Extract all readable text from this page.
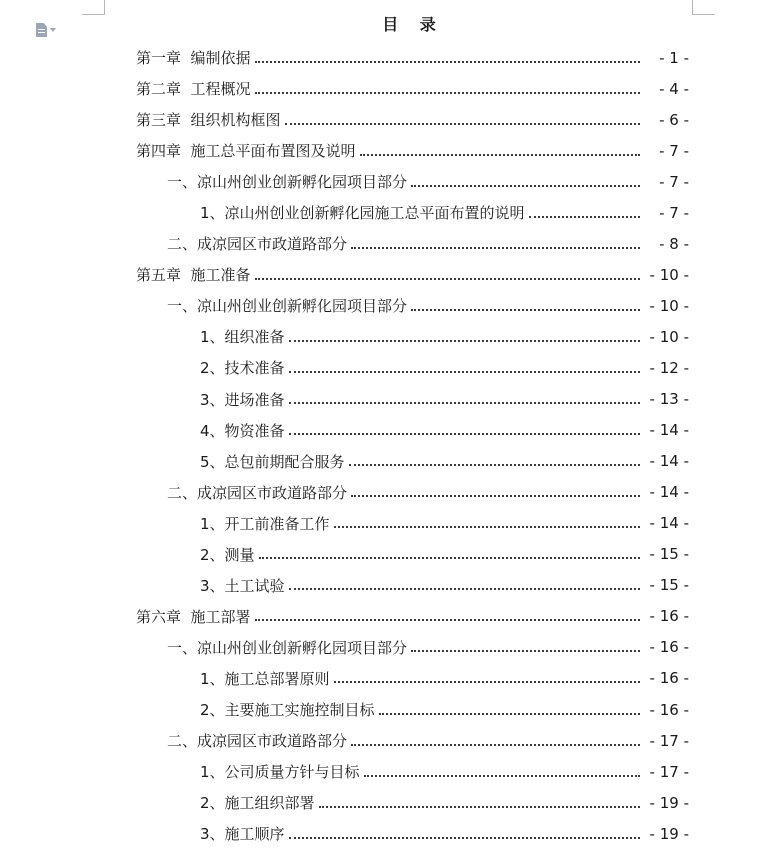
目 录
第一章 编制依据	- 1 -
第二章 工程概况	- 4 -
第三章 组织机构框图	- 6 -
第四章 施工总平面布置图及说明	- 7 -
一、 凉山州创业创新孵化园项目部分	- 7 -
1、 凉山州创业创新孵化园施工总平面布置的说明	- 7 -
二、 成凉园区市政道路部分	- 8 -
第五章 施工准备	- 10 -
一、 凉山州创业创新孵化园项目部分	- 10 -
1、 组织准备	- 10 -
2、 技术准备	- 12 -
3、 进场准备	- 13 -
4、 物资准备	- 14 -
5、 总包前期配合服务	- 14 -
二、 成凉园区市政道路部分	- 14 -
1、 开工前准备工作	- 14 -
2、 测量	- 15 -
3、 土工试验	- 15 -
第六章 施工部署	- 16 -
一、 凉山州创业创新孵化园项目部分	- 16 -
1、 施工总部署原则	- 16 -
2、 主要施工实施控制目标	- 16 -
二、 成凉园区市政道路部分	- 17 -
1、 公司质量方针与目标	- 17 -
2、 施工组织部署	- 19 -
3、 施工顺序	- 19 -
